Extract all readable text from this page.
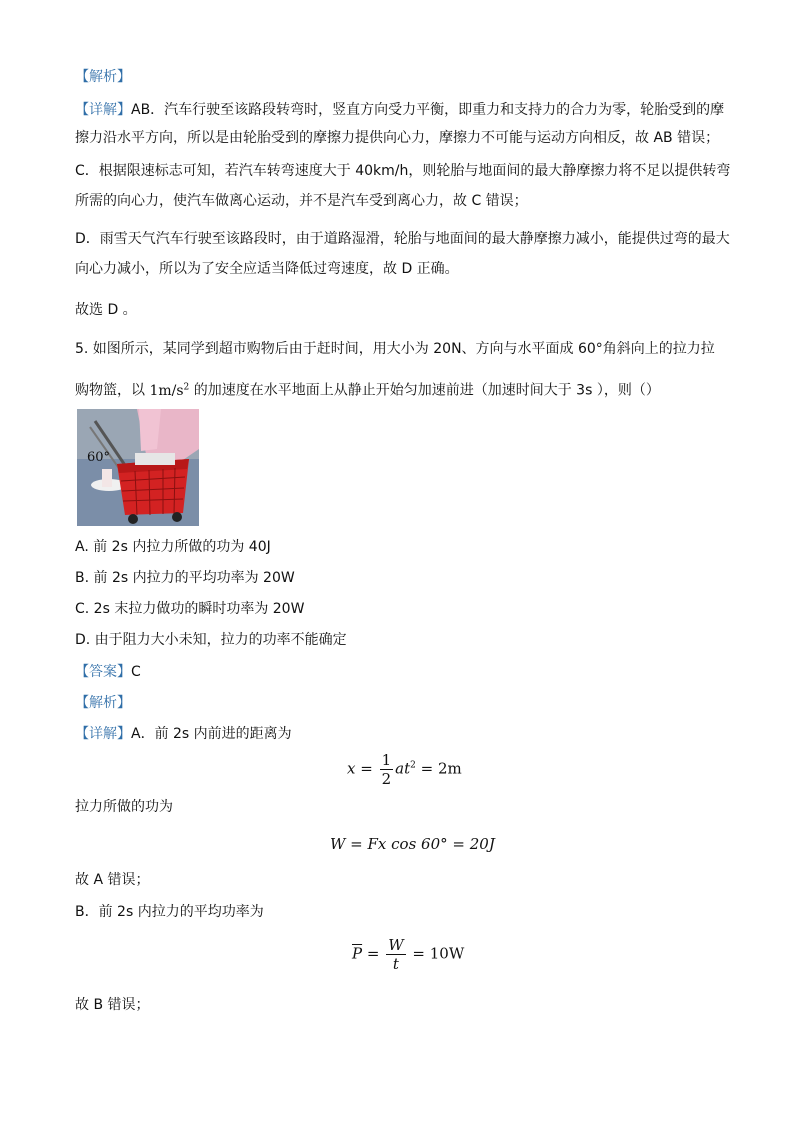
【解析】
【详解】AB．汽车行驶至该路段转弯时，竖直方向受力平衡，即重力和支持力的合力为零，轮胎受到的摩
擦力沿水平方向，所以是由轮胎受到的摩擦力提供向心力，摩擦力不可能与运动方向相反，故 AB 错误；
C．根据限速标志可知，若汽车转弯速度大于 40km/h，则轮胎与地面间的最大静摩擦力将不足以提供转弯
所需的向心力，使汽车做离心运动，并不是汽车受到离心力，故 C 错误；
D．雨雪天气汽车行驶至该路段时，由于道路湿滑，轮胎与地面间的最大静摩擦力减小，能提供过弯的最大
向心力减小，所以为了安全应适当降低过弯速度，故 D 正确。
故选 D 。
5. 如图所示，某同学到超市购物后由于赶时间，用大小为 20N、方向与水平面成 60°角斜向上的拉力拉
购物篮，以 $1m/s^2$ 的加速度在水平地面上从静止开始匀加速前进（加速时间大于 3s ），则（）
60°
A. 前 2s 内拉力所做的功为 40J
B. 前 2s 内拉力的平均功率为 20W
C. 2s 末拉力做功的瞬时功率为 20W
D. 由于阻力大小未知，拉力的功率不能确定
【答案】C
【解析】
【详解】A．前 2s 内前进的距离为
$x = \frac{1}{2} at^2 = 2m$
拉力所做的功为
W = Fx cos 60° = 20J
故 A 错误；
B．前 2s 内拉力的平均功率为
$\overline{P} = \frac{W}{t} = 10W$
故 B 错误；
